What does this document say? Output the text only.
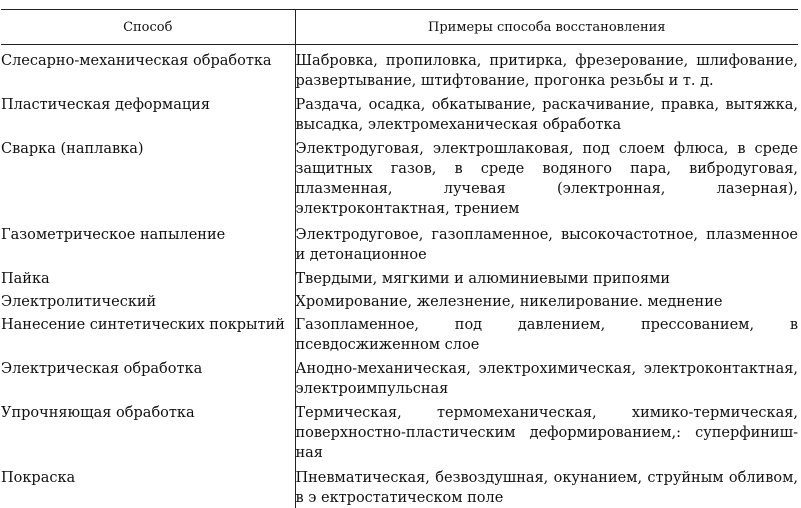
Способ	Примеры способа восстановления
Слесарно-механическая обработка	Шабровка, пропиловка, притирка, фрезерование, шлифование, развертывание, штифтование, прогонка резьбы и т. д.
Пластическая деформация	Раздача, осадка, обкатывание, раскачивание, правка, вытяжка, высадка, электромеханическая обработка
Сварка (наплавка)	Электродуговая, электрошлаковая, под слоем флюса, в среде защитных газов, в среде водяного пара, вибродуговая, плазменная, лучевая (электронная, лазерная), электроконтактная, трением
Газометрическое напыление	Электродуговое, газопламенное, высокочастотное, плазменное и детонационное
Пайка	Твердыми, мягкими и алюминиевыми припоями
Электролитический	Хромирование, железнение, никелирование. меднение
Нанесение синтетических покрытий	Газопламенное, под давлением, прессованием, в псевдосжиженном слое
Электрическая обработка	Анодно-механическая, электрохимическая, электроконтактная, электроимпульсная
Упрочняющая обработка	Термическая, термомеханическая, химико-термическая, поверхностно-пластическим деформированием,: суперфиниш- ная
Покраска	Пневматическая, безвоздушная, окунанием, струйным обливом, в э ектростатическом поле
